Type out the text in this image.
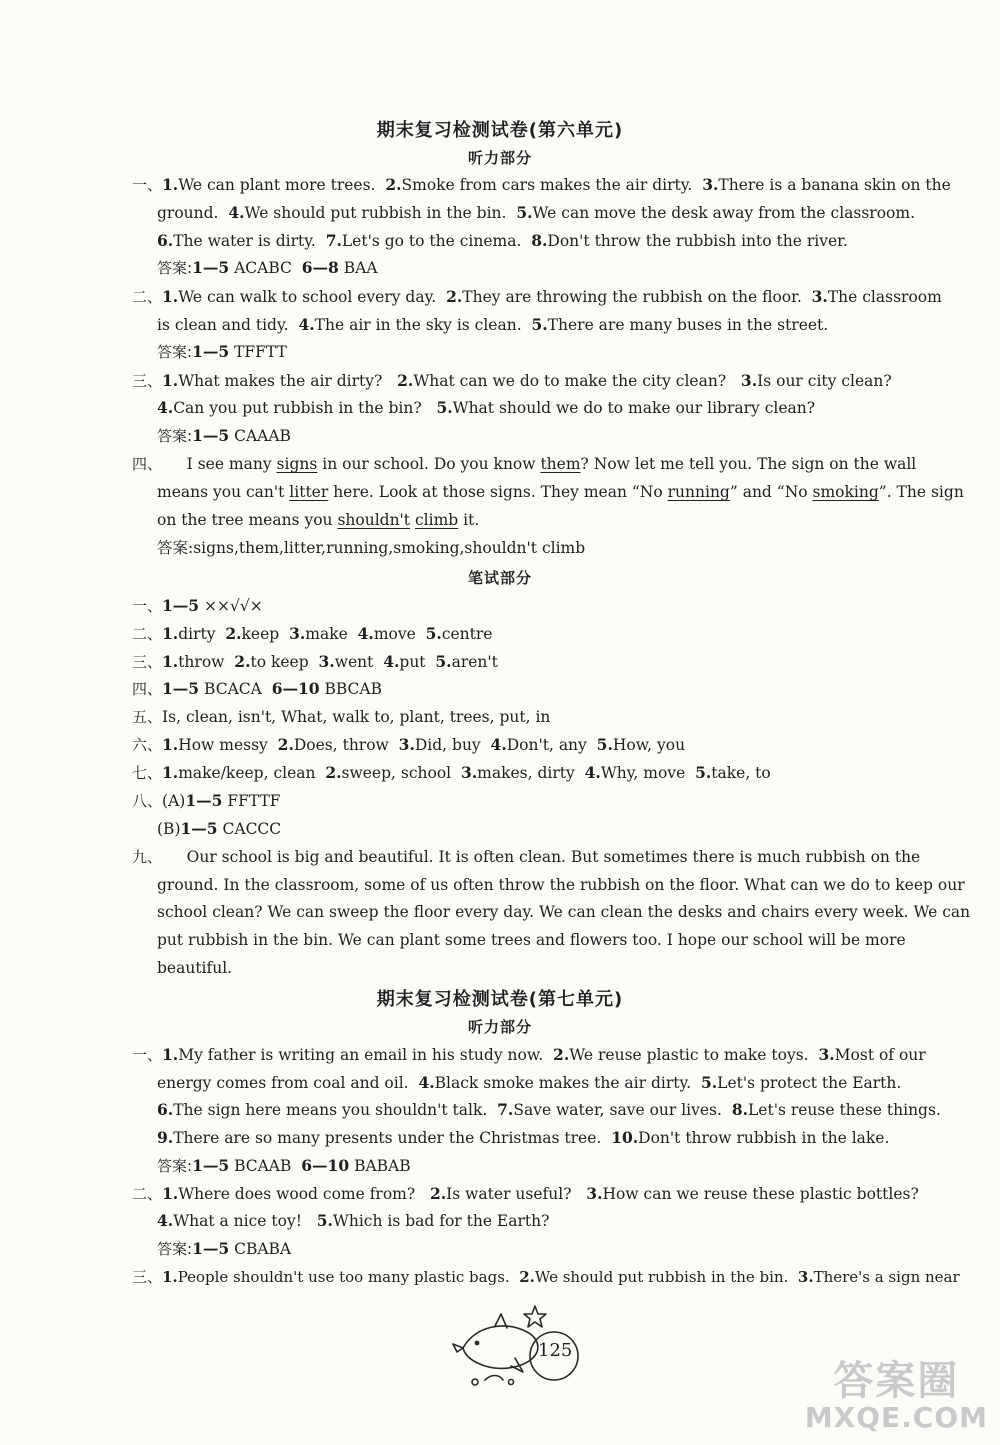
期末复习检测试卷(第六单元)
听力部分
一、1.We can plant more trees. 2.Smoke from cars makes the air dirty. 3.There is a banana skin on the
ground. 4.We should put rubbish in the bin. 5.We can move the desk away from the classroom.
6.The water is dirty. 7.Let's go to the cinema. 8.Don't throw the rubbish into the river.
答案:1—5 ACABC 6—8 BAA
二、1.We can walk to school every day. 2.They are throwing the rubbish on the floor. 3.The classroom
is clean and tidy. 4.The air in the sky is clean. 5.There are many buses in the street.
答案:1—5 TFFTT
三、1.What makes the air dirty? 2.What can we do to make the city clean? 3.Is our city clean?
4.Can you put rubbish in the bin? 5.What should we do to make our library clean?
答案:1—5 CAAAB
四、 I see many signs in our school. Do you know them? Now let me tell you. The sign on the wall
means you can't litter here. Look at those signs. They mean “No running” and “No smoking”. The sign
on the tree means you shouldn't climb it.
答案:signs,them,litter,running,smoking,shouldn't climb
笔试部分
一、1—5 ××√√×
二、1.dirty 2.keep 3.make 4.move 5.centre
三、1.throw 2.to keep 3.went 4.put 5.aren't
四、1—5 BCACA 6—10 BBCAB
五、Is, clean, isn't, What, walk to, plant, trees, put, in
六、1.How messy 2.Does, throw 3.Did, buy 4.Don't, any 5.How, you
七、1.make/keep, clean 2.sweep, school 3.makes, dirty 4.Why, move 5.take, to
八、(A)1—5 FFTTF
(B)1—5 CACCC
九、 Our school is big and beautiful. It is often clean. But sometimes there is much rubbish on the
ground. In the classroom, some of us often throw the rubbish on the floor. What can we do to keep our
school clean? We can sweep the floor every day. We can clean the desks and chairs every week. We can
put rubbish in the bin. We can plant some trees and flowers too. I hope our school will be more
beautiful.
期末复习检测试卷(第七单元)
听力部分
一、1.My father is writing an email in his study now. 2.We reuse plastic to make toys. 3.Most of our
energy comes from coal and oil. 4.Black smoke makes the air dirty. 5.Let's protect the Earth.
6.The sign here means you shouldn't talk. 7.Save water, save our lives. 8.Let's reuse these things.
9.There are so many presents under the Christmas tree. 10.Don't throw rubbish in the lake.
答案:1—5 BCAAB 6—10 BABAB
二、1.Where does wood come from? 2.Is water useful? 3.How can we reuse these plastic bottles?
4.What a nice toy! 5.Which is bad for the Earth?
答案:1—5 CBABA
三、1.People shouldn't use too many plastic bags. 2.We should put rubbish in the bin. 3.There's a sign near
125
答案圈
MXQE.COM
